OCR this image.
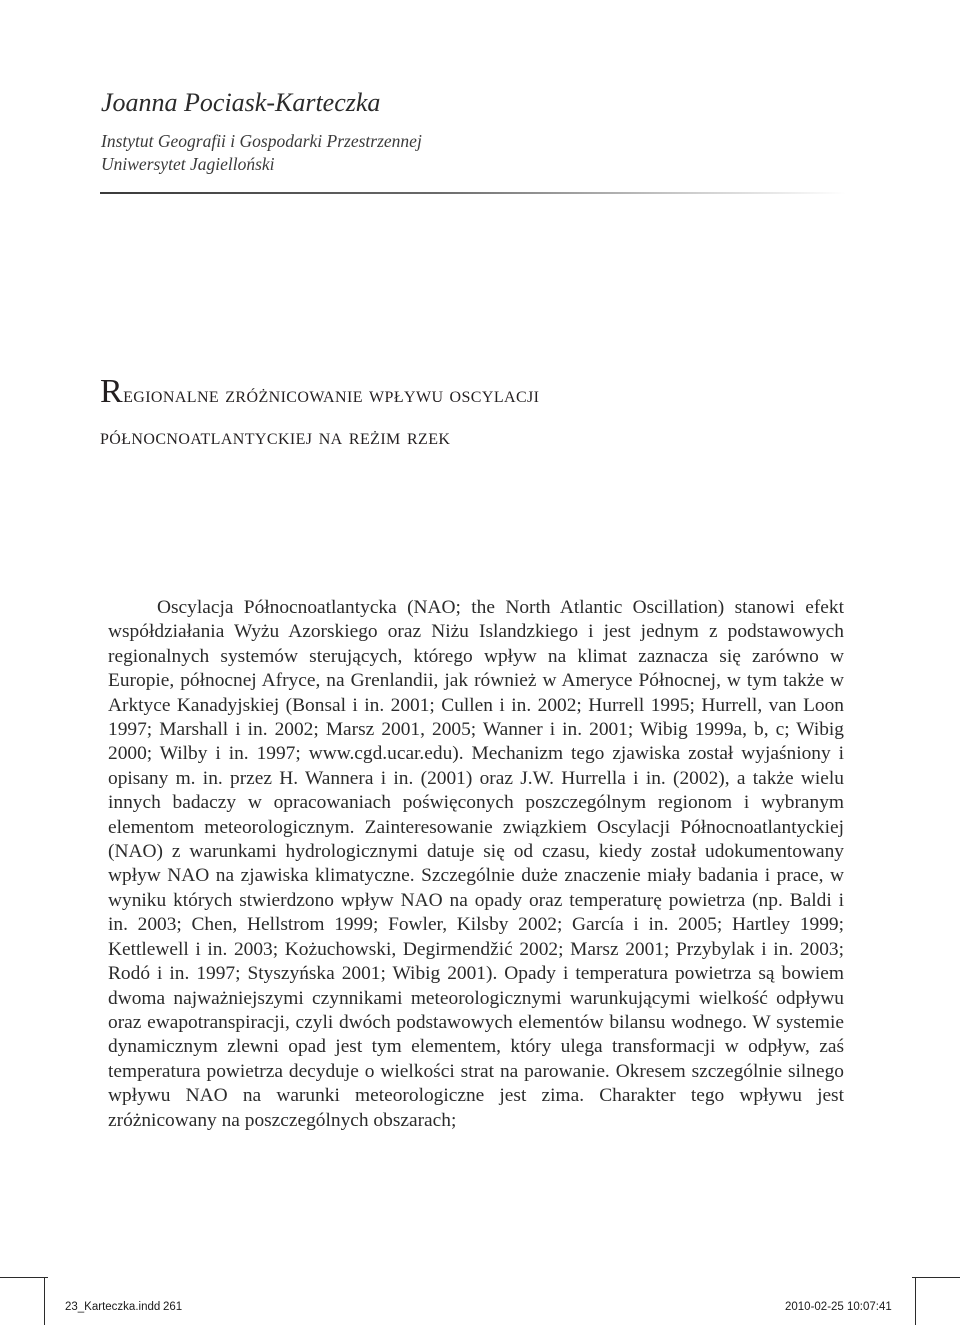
Joanna Pociask-Karteczka
Instytut Geografii i Gospodarki Przestrzennej
Uniwersytet Jagielloński
Regionalne zróżnicowanie wpływu oscylacji
północnoatlantyckiej na reżim rzek

Oscylacja Północnoatlantycka (NAO; the North Atlantic Oscillation) stanowi efekt współdziałania Wyżu Azorskiego oraz Niżu Islandzkiego i jest jednym z podstawowych regionalnych systemów sterujących, którego wpływ na klimat zaznacza się zarówno w Europie, północnej Afryce, na Grenlandii, jak również w Ameryce Północnej, w tym także w Arktyce Kanadyjskiej (Bonsal i in. 2001; Cullen i in. 2002; Hurrell 1995; Hurrell, van Loon 1997; Marshall i in. 2002; Marsz 2001, 2005; Wanner i in. 2001; Wibig 1999a, b, c; Wibig 2000; Wilby i in. 1997; www.cgd.ucar.edu). Mechanizm tego zjawiska został wyjaśniony i opisany m. in. przez H. Wannera i in. (2001) oraz J.W. Hurrella i in. (2002), a także wielu innych badaczy w opracowaniach poświęconych poszczególnym regionom i wybranym elementom meteorologicznym. Zainteresowanie związkiem Oscylacji Północnoatlantyckiej (NAO) z warunkami hydrologicznymi datuje się od czasu, kiedy został udokumentowany wpływ NAO na zjawiska klimatyczne. Szczególnie duże znaczenie miały badania i prace, w wyniku których stwierdzono wpływ NAO na opady oraz temperaturę powietrza (np. Baldi i in. 2003; Chen, Hellstrom 1999; Fowler, Kilsby 2002; García i in. 2005; Hartley 1999; Kettlewell i in. 2003; Kożuchowski, Degirmendžić 2002; Marsz 2001; Przybylak i in. 2003; Rodó i in. 1997; Styszyńska 2001; Wibig 2001). Opady i temperatura powietrza są bowiem dwoma najważniejszymi czynnikami meteorologicznymi warunkującymi wielkość odpływu oraz ewapotranspiracji, czyli dwóch podstawowych elementów bilansu wodnego. W systemie dynamicznym zlewni opad jest tym elementem, który ulega transformacji w odpływ, zaś temperatura powietrza decyduje o wielkości strat na parowanie. Okresem szczególnie silnego wpływu NAO na warunki meteorologiczne jest zima. Charakter tego wpływu jest zróżnicowany na poszczególnych obszarach;

23_Karteczka.indd 261	2010-02-25 10:07:41
